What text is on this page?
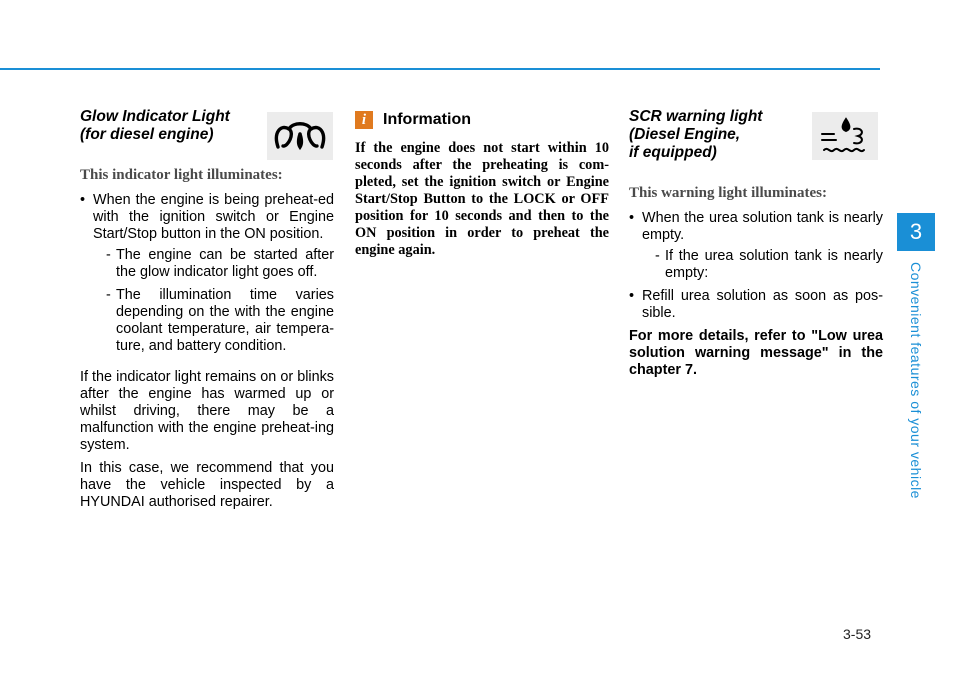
Glow Indicator Light
(for diesel engine)

This indicator light illuminates:

• When the engine is being preheat-ed with the ignition switch or Engine Start/Stop button in the ON position.
- The engine can be started after the glow indicator light goes off.
- The illumination time varies depending on the with the engine coolant temperature, air tempera-ture, and battery condition.

If the indicator light remains on or blinks after the engine has warmed up or whilst driving, there may be a malfunction with the engine preheat-ing system.

In this case, we recommend that you have the vehicle inspected by a HYUNDAI authorised repairer.

i	Information

If the engine does not start within 10 seconds after the preheating is com-pleted, set the ignition switch or Engine Start/Stop Button to the LOCK or OFF position for 10 seconds and then to the ON position in order to preheat the engine again.

SCR warning light
(Diesel Engine,
if equipped)

This warning light illuminates:

• When the urea solution tank is nearly empty.
- If the urea solution tank is nearly empty:
• Refill urea solution as soon as pos-sible.

For more details, refer to "Low urea solution warning message" in the chapter 7.

3
Convenient features of your vehicle
3-53
